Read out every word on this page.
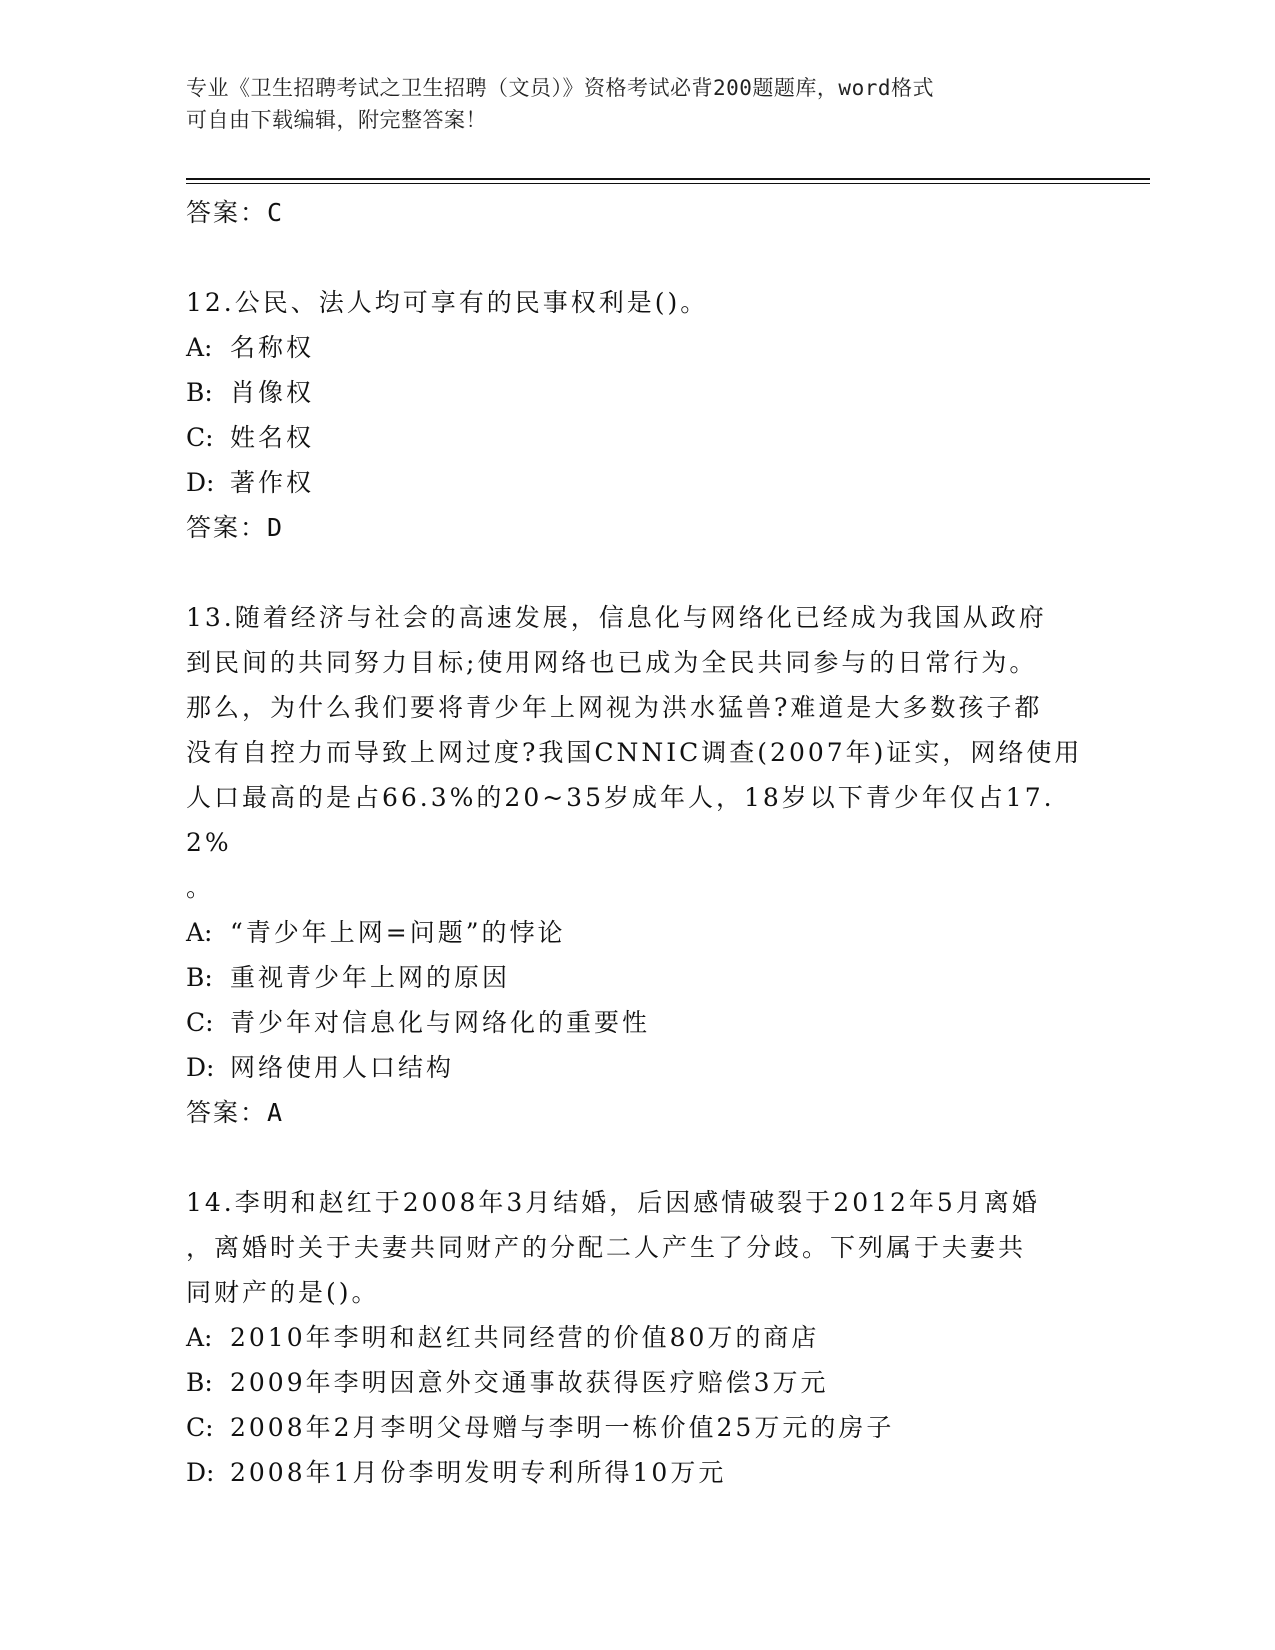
专业《卫生招聘考试之卫生招聘（文员）》资格考试必背200题题库，word格式
可自由下载编辑，附完整答案！
答案：C
12.公民、法人均可享有的民事权利是()。
A: 名称权
B: 肖像权
C: 姓名权
D: 著作权
答案：D
13.随着经济与社会的高速发展，信息化与网络化已经成为我国从政府
到民间的共同努力目标;使用网络也已成为全民共同参与的日常行为。
那么，为什么我们要将青少年上网视为洪水猛兽?难道是大多数孩子都
没有自控力而导致上网过度?我国CNNIC调查(2007年)证实，网络使用
人口最高的是占66.3%的20~35岁成年人，18岁以下青少年仅占17.2%
。
A: “青少年上网=问题”的悖论
B: 重视青少年上网的原因
C: 青少年对信息化与网络化的重要性
D: 网络使用人口结构
答案：A
14.李明和赵红于2008年3月结婚，后因感情破裂于2012年5月离婚
，离婚时关于夫妻共同财产的分配二人产生了分歧。下列属于夫妻共
同财产的是()。
A: 2010年李明和赵红共同经营的价值80万的商店
B: 2009年李明因意外交通事故获得医疗赔偿3万元
C: 2008年2月李明父母赠与李明一栋价值25万元的房子
D: 2008年1月份李明发明专利所得10万元
